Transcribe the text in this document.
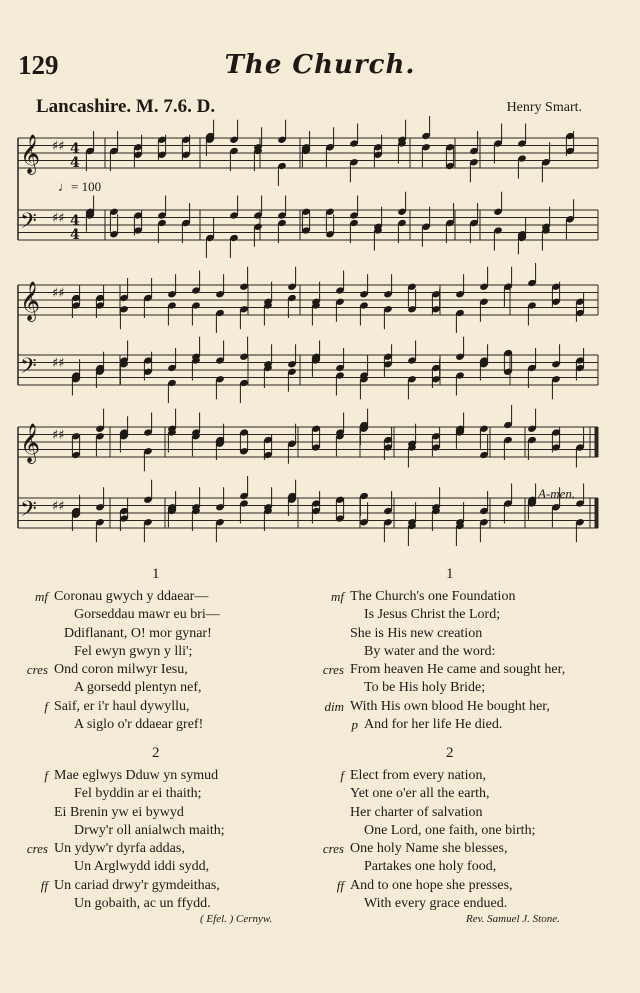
129	The Church.
Lancashire. M. 7.6. D.	Henry Smart.
♩= 100
A-men.
𝄞 ♯♯ 4
4
𝄢 ♯♯ 4
4
𝄞 ♯♯
𝄢 ♯♯
𝄞 ♯♯
𝄢 ♯♯
1
mf Coronau gwych y ddaear—
Gorseddau mawr eu bri—
Ddiflanant, O! mor gynar!
Fel ewyn gwyn y lli';
cres Ond coron milwyr Iesu,
A gorsedd plentyn nef,
f Saif, er i'r haul dywyllu,
A siglo o'r ddaear gref!
2
f Mae eglwys Dduw yn symud
Fel byddin ar ei thaith;
Ei Brenin yw ei bywyd
Drwy'r oll anialwch maith;
cres Un ydyw'r dyrfa addas,
Un Arglwydd iddi sydd,
ff Un cariad drwy'r gymdeithas,
Un gobaith, ac un ffydd.
1
mf The Church's one Foundation
Is Jesus Christ the Lord;
She is His new creation
By water and the word:
cres From heaven He came and sought her,
To be His holy Bride;
dim With His own blood He bought her,
p And for her life He died.
2
f Elect from every nation,
Yet one o'er all the earth,
Her charter of salvation
One Lord, one faith, one birth;
cres One holy Name she blesses,
Partakes one holy food,
ff And to one hope she presses,
With every grace endued.
( Efel. ) Cernyw.	Rev. Samuel J. Stone.
